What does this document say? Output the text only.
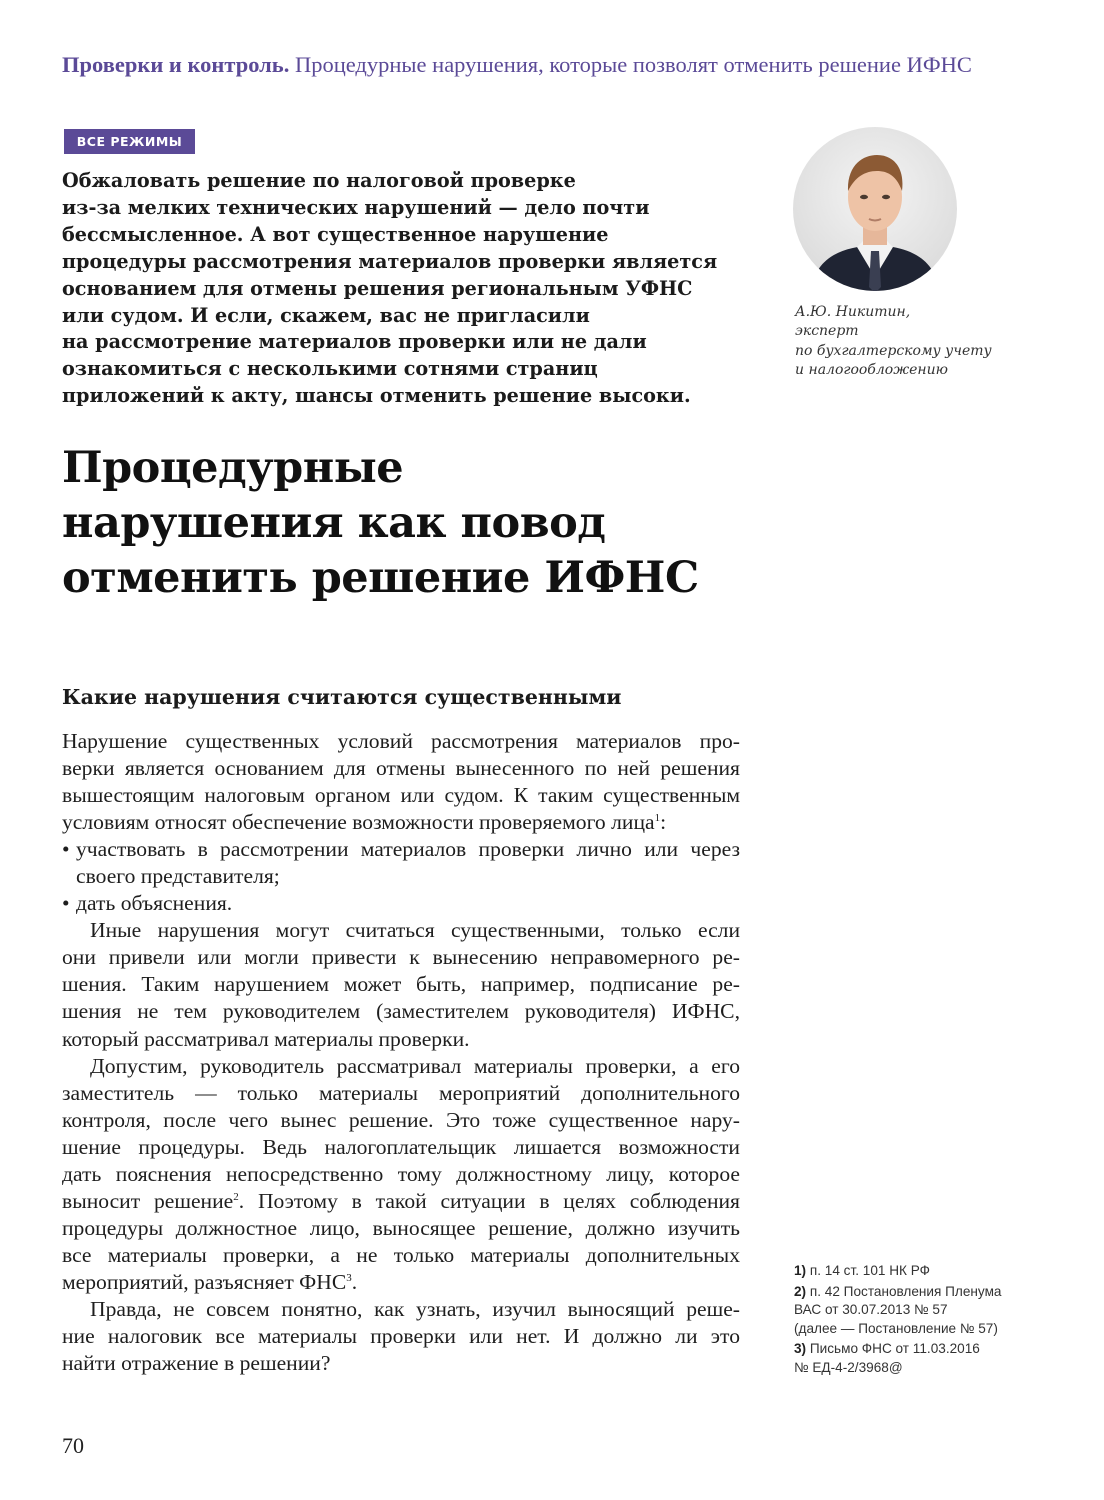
Проверки и контроль. Процедурные нарушения, которые позволят отменить решение ИФНС
ВСЕ РЕЖИМЫ

Обжаловать решение по налоговой проверке
из-за мелких технических нарушений — дело почти
бессмысленное. А вот существенное нарушение
процедуры рассмотрения материалов проверки является
основанием для отмены решения региональным УФНС
или судом. И если, скажем, вас не пригласили
на рассмотрение материалов проверки или не дали
ознакомиться с несколькими сотнями страниц
приложений к акту, шансы отменить решение высоки.

А.Ю. Никитин,
эксперт
по бухгалтерскому учету
и налогообложению
Процедурные
нарушения как повод
отменить решение ИФНС
Какие нарушения считаются существенными
Нарушение существенных условий рассмотрения материалов про-
верки является основанием для отмены вынесенного по ней решения
вышестоящим налоговым органом или судом. К таким существенным
условиям относят обеспечение возможности проверяемого лица$^1$:
• участвовать в рассмотрении материалов проверки лично или через
своего представителя;
• дать объяснения.
Иные нарушения могут считаться существенными, только если
они привели или могли привести к вынесению неправомерного ре-
шения. Таким нарушением может быть, например, подписание ре-
шения не тем руководителем (заместителем руководителя) ИФНС,
который рассматривал материалы проверки.
Допустим, руководитель рассматривал материалы проверки, а его
заместитель — только материалы мероприятий дополнительного
контроля, после чего вынес решение. Это тоже существенное нару-
шение процедуры. Ведь налогоплательщик лишается возможности
дать пояснения непосредственно тому должностному лицу, которое
выносит решение$^2$. Поэтому в такой ситуации в целях соблюдения
процедуры должностное лицо, выносящее решение, должно изучить
все материалы проверки, а не только материалы дополнительных
мероприятий, разъясняет ФНС$^3$.
Правда, не совсем понятно, как узнать, изучил выносящий реше-
ние налоговик все материалы проверки или нет. И должно ли это
найти отражение в решении?
1) п. 14 ст. 101 НК РФ
2) п. 42 Постановления Пленума
ВАС от 30.07.2013 № 57
(далее — Постановление № 57)
3) Письмо ФНС от 11.03.2016
№ ЕД-4-2/3968@
70
